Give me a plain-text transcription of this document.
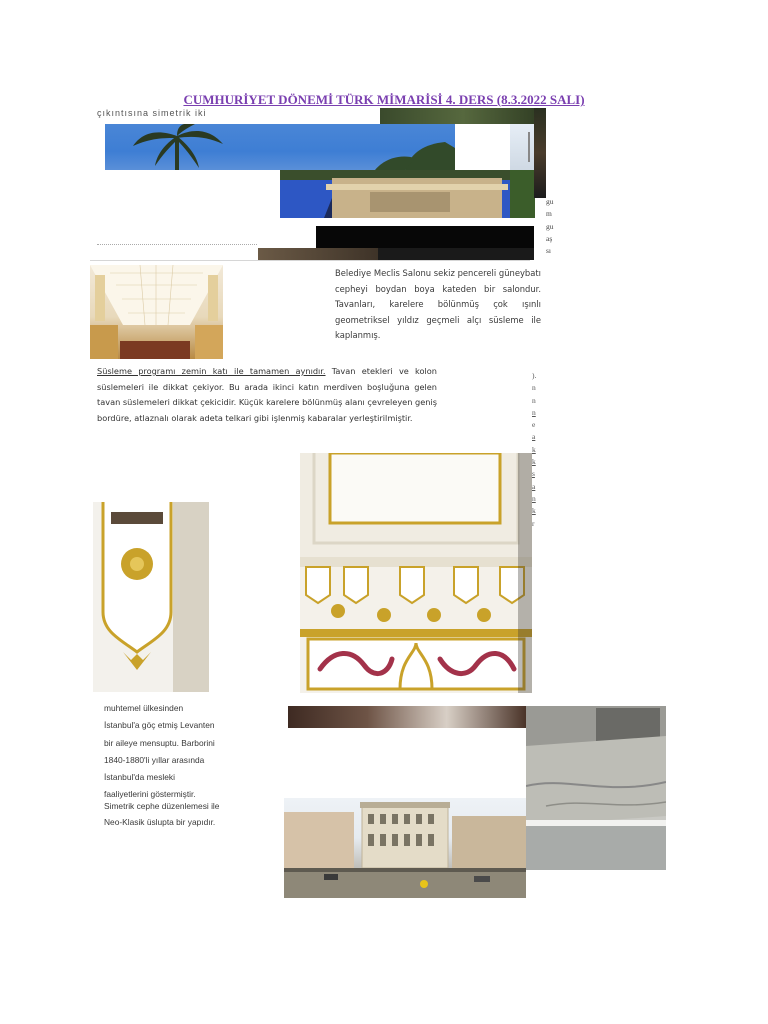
CUMHURİYET DÖNEMİ TÜRK MİMARİSİ 4. DERS (8.3.2022 SALI)
çıkıntısına simetrik iki
gu
m
gu
aş
sı
Belediye Meclis Salonu sekiz pencereli güneybatı cepheyi boydan boya kateden bir salondur. Tavanları, karelere bölünmüş çok ışınlı geometriksel yıldız geçmeli alçı süsleme ile kaplanmış.
).
n
n
n
e
a
k
k
s
a
n
k
r
Süsleme programı zemin katı ile tamamen aynıdır. Tavan etekleri ve kolon süslemeleri ile dikkat çekiyor. Bu arada ikinci katın merdiven boşluğuna gelen tavan süslemeleri dikkat çekicidir. Küçük karelere bölünmüş alanı çevreleyen geniş bordüre, atlaznalı olarak adeta telkari gibi işlenmiş kabaralar yerleştirilmiştir.
muhtemel ülkesinden
İstanbul'a göç etmiş Levanten
bir aileye mensuptu. Barborini
1840-1880'li yıllar arasında
İstanbul'da mesleki
faaliyetlerini göstermiştir.
Simetrik cephe düzenlemesi ile
Neo-Klasik üslupta bir yapıdır.
